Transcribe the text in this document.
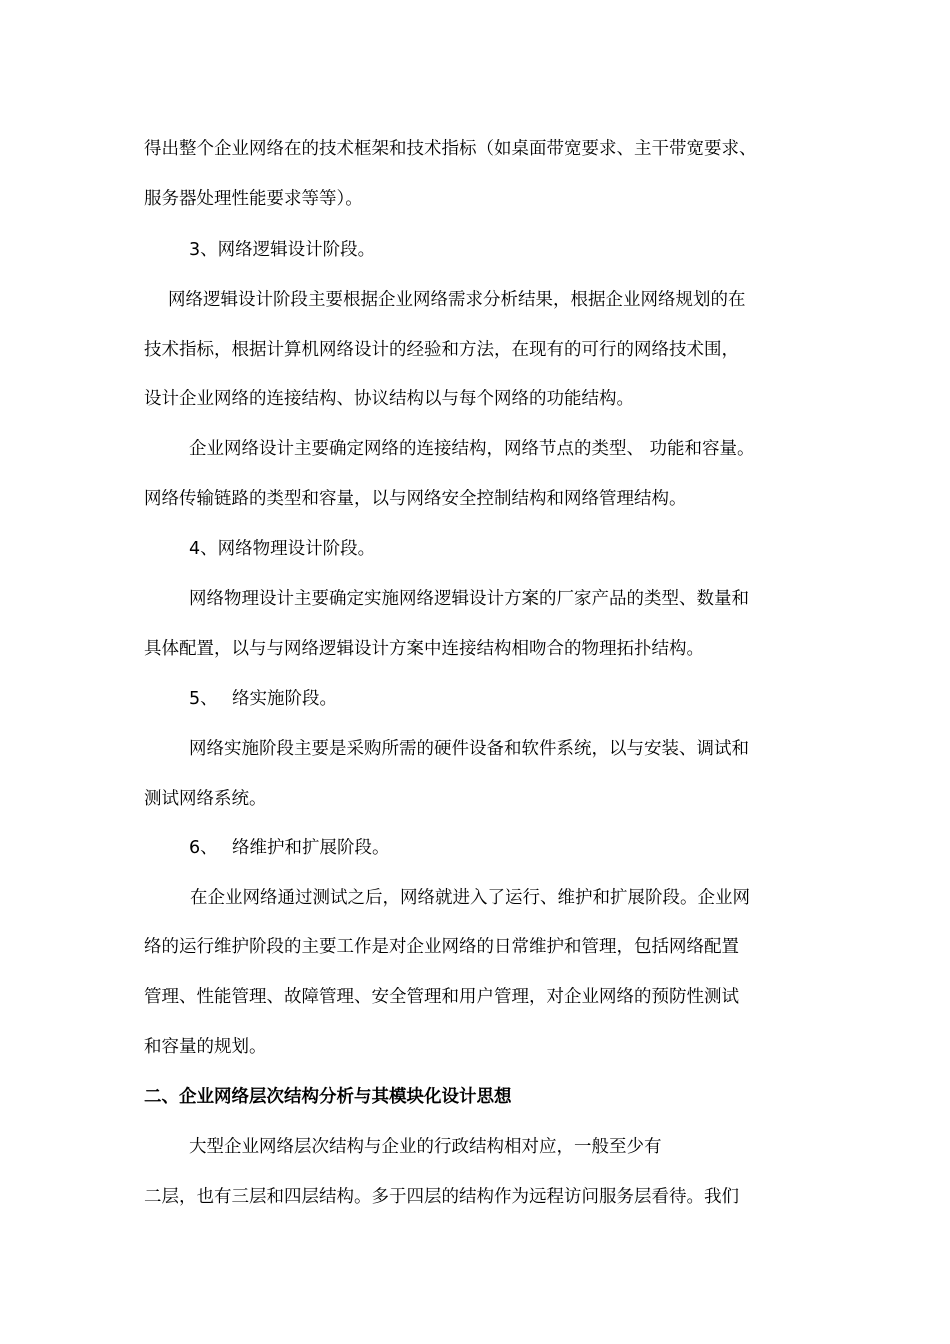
得出整个企业网络在的技术框架和技术指标（如桌面带宽要求、主干带宽要求、
服务器处理性能要求等等）。
3、网络逻辑设计阶段。
网络逻辑设计阶段主要根据企业网络需求分析结果，根据企业网络规划的在
技术指标，根据计算机网络设计的经验和方法，在现有的可行的网络技术围，
设计企业网络的连接结构、协议结构以与每个网络的功能结构。
企业网络设计主要确定网络的连接结构，网络节点的类型、 功能和容量。
网络传输链路的类型和容量，以与网络安全控制结构和网络管理结构。
4、网络物理设计阶段。
网络物理设计主要确定实施网络逻辑设计方案的厂家产品的类型、数量和
具体配置，以与与网络逻辑设计方案中连接结构相吻合的物理拓扑结构。
5、　 络实施阶段。
网络实施阶段主要是采购所需的硬件设备和软件系统，以与安装、调试和
测试网络系统。
6、　 络维护和扩展阶段。
在企业网络通过测试之后，网络就进入了运行、维护和扩展阶段。企业网
络的运行维护阶段的主要工作是对企业网络的日常维护和管理，包括网络配置
管理、性能管理、故障管理、安全管理和用户管理，对企业网络的预防性测试
和容量的规划。
二、企业网络层次结构分析与其模块化设计思想
大型企业网络层次结构与企业的行政结构相对应，一般至少有
二层，也有三层和四层结构。多于四层的结构作为远程访问服务层看待。我们
